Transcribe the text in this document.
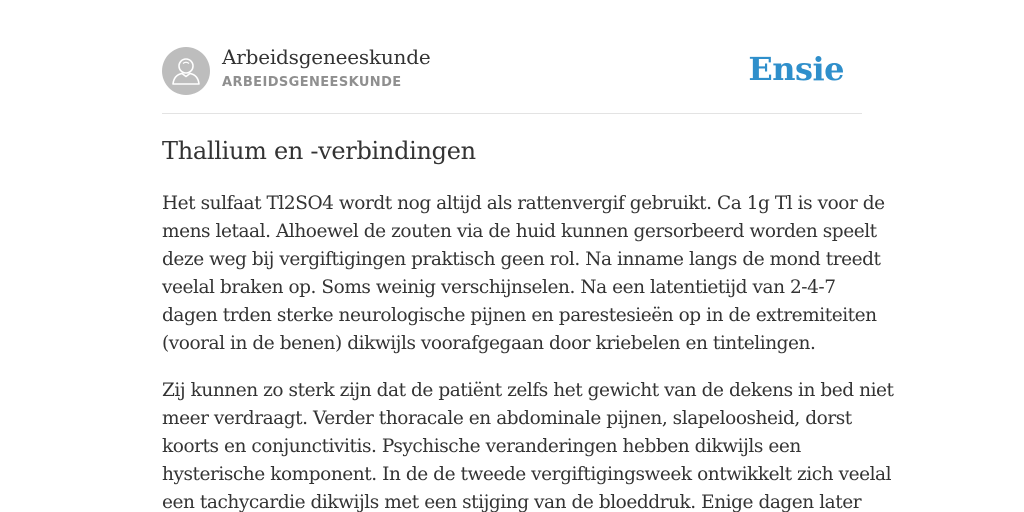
Arbeidsgeneeskunde
ARBEIDSGENEESKUNDE	Ensie
Thallium en -verbindingen

Het sulfaat Tl2SO4 wordt nog altijd als rattenvergif gebruikt. Ca 1g Tl is voor de
mens letaal. Alhoewel de zouten via de huid kunnen gersorbeerd worden speelt
deze weg bij vergiftigingen praktisch geen rol. Na inname langs de mond treedt
veelal braken op. Soms weinig verschijnselen. Na een latentietijd van 2-4-7
dagen trden sterke neurologische pijnen en parestesieën op in de extremiteiten
(vooral in de benen) dikwijls voorafgegaan door kriebelen en tintelingen.

Zij kunnen zo sterk zijn dat de patiënt zelfs het gewicht van de dekens in bed niet
meer verdraagt. Verder thoracale en abdominale pijnen, slapeloosheid, dorst
koorts en conjunctivitis. Psychische veranderingen hebben dikwijls een
hysterische komponent. In de de tweede vergiftigingsweek ontwikkelt zich veelal
een tachycardie dikwijls met een stijging van de bloeddruk. Enige dagen later
